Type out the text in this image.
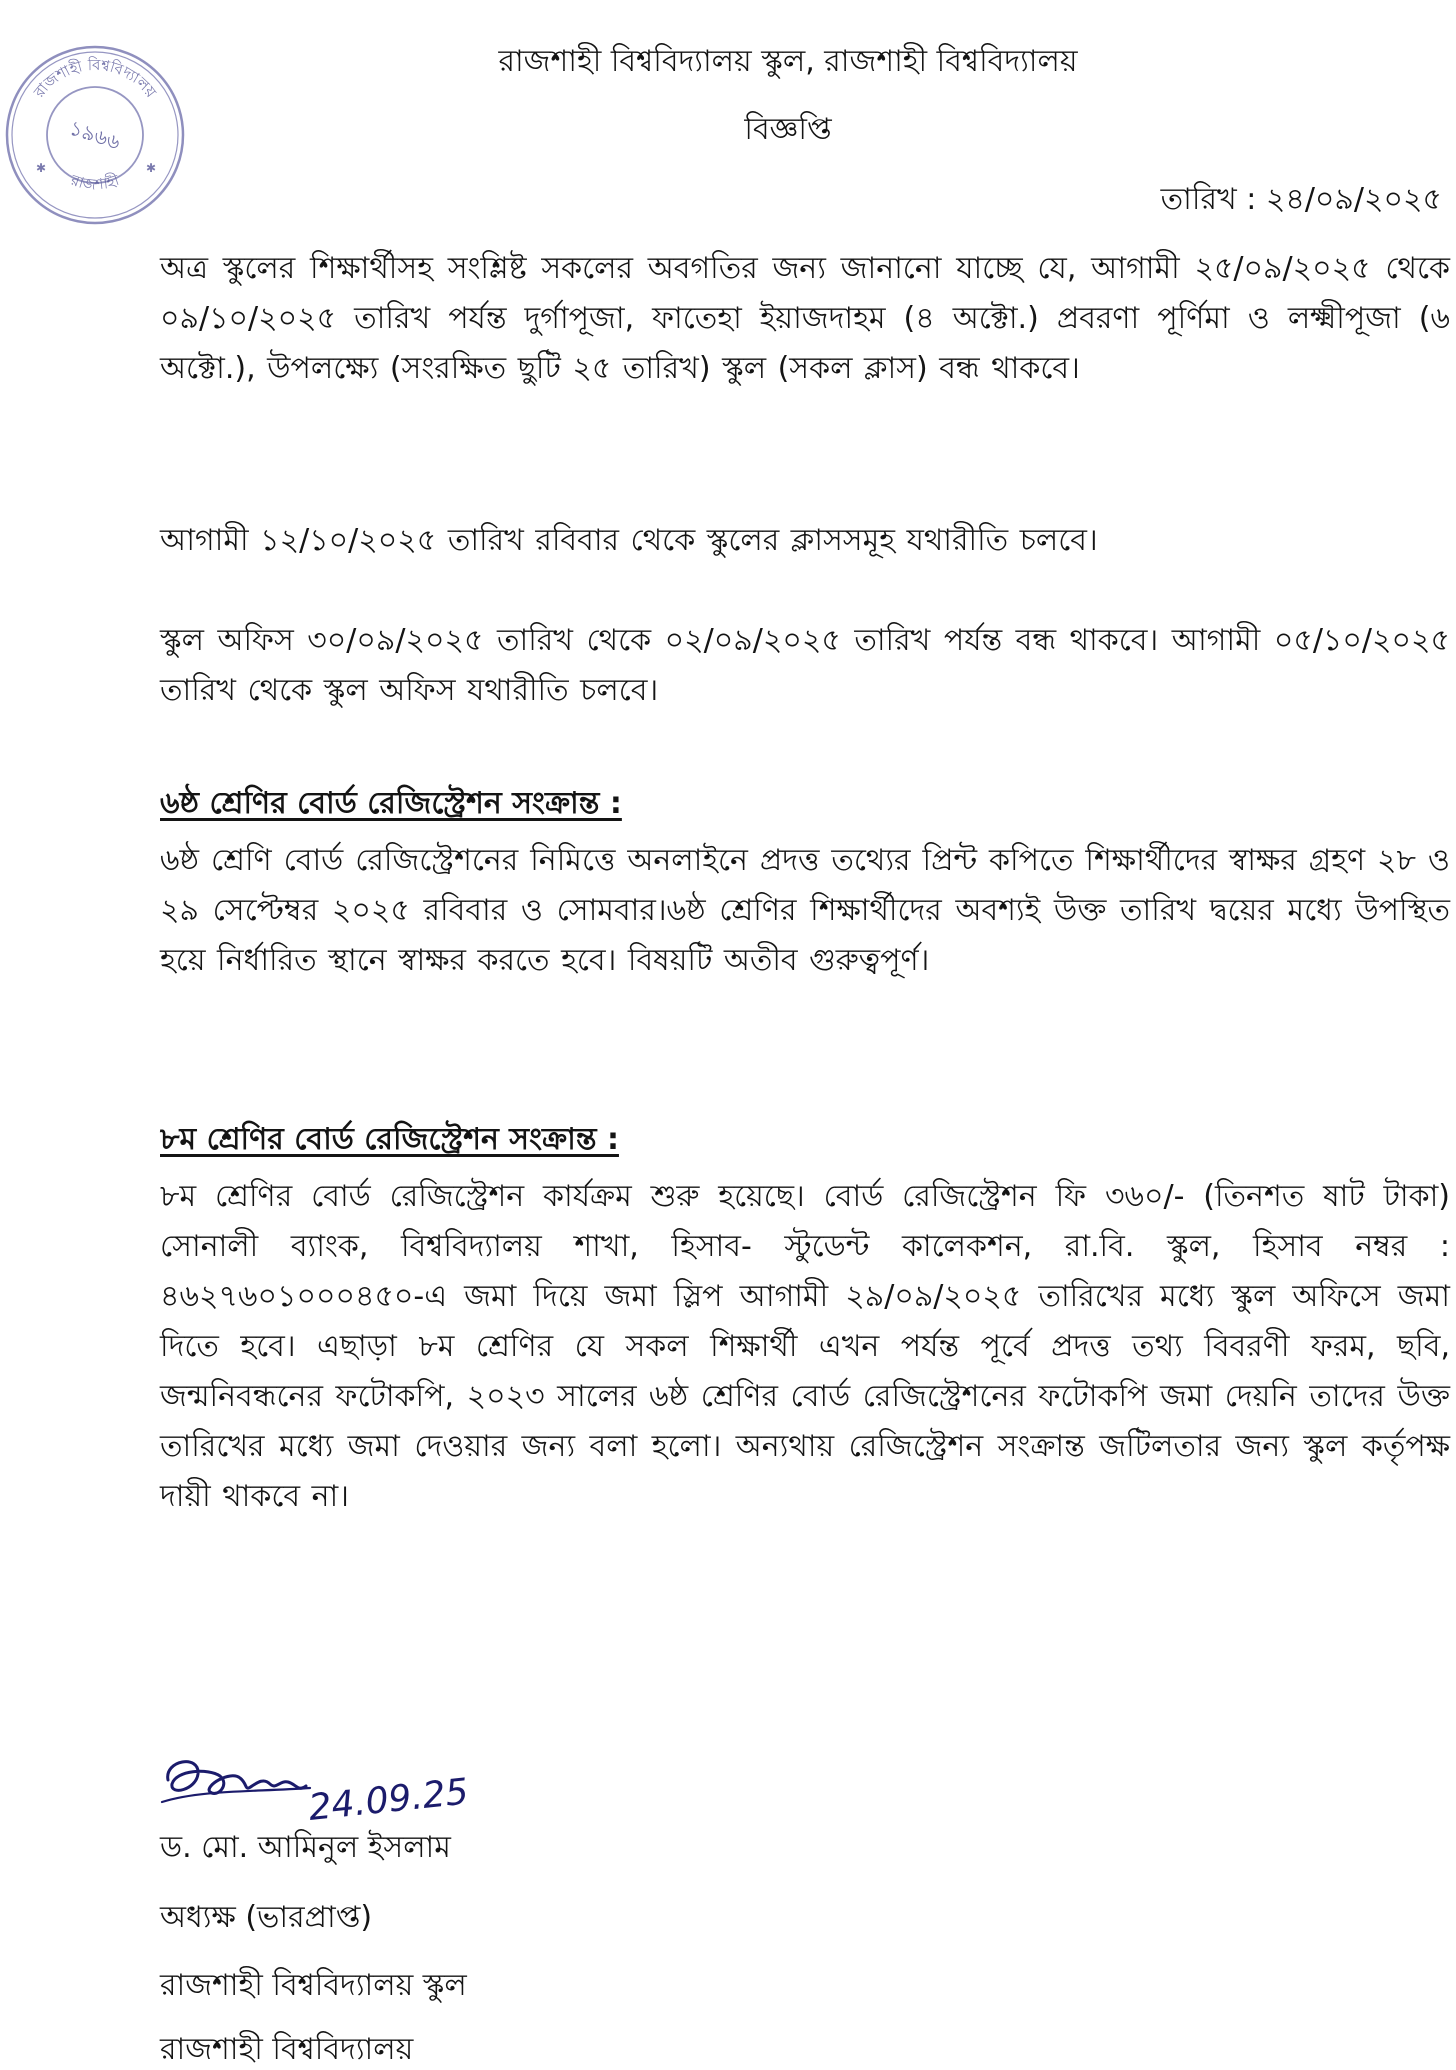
রাজশাহী বিশ্ববিদ্যালয়
রাজশাহী
১৯৬৬
✱	✱
রাজশাহী বিশ্ববিদ্যালয় স্কুল, রাজশাহী বিশ্ববিদ্যালয়
বিজ্ঞপ্তি
তারিখ : ২৪/০৯/২০২৫

অত্র স্কুলের শিক্ষার্থীসহ সংশ্লিষ্ট সকলের অবগতির জন্য জানানো যাচ্ছে যে, আগামী ২৫/০৯/২০২৫ থেকে ০৯/১০/২০২৫ তারিখ পর্যন্ত দুর্গাপূজা, ফাতেহা ইয়াজদাহম (৪ অক্টো.) প্রবরণা পূর্ণিমা ও লক্ষ্মীপূজা (৬ অক্টো.), উপলক্ষ্যে (সংরক্ষিত ছুটি ২৫ তারিখ) স্কুল (সকল ক্লাস) বন্ধ থাকবে।

আগামী ১২/১০/২০২৫ তারিখ রবিবার থেকে স্কুলের ক্লাসসমূহ যথারীতি চলবে।

স্কুল অফিস ৩০/০৯/২০২৫ তারিখ থেকে ০২/০৯/২০২৫ তারিখ পর্যন্ত বন্ধ থাকবে। আগামী ০৫/১০/২০২৫ তারিখ থেকে স্কুল অফিস যথারীতি চলবে।

৬ষ্ঠ শ্রেণির বোর্ড রেজিস্ট্রেশন সংক্রান্ত :

৬ষ্ঠ শ্রেণি বোর্ড রেজিস্ট্রেশনের নিমিত্তে অনলাইনে প্রদত্ত তথ্যের প্রিন্ট কপিতে শিক্ষার্থীদের স্বাক্ষর গ্রহণ ২৮ ও ২৯ সেপ্টেম্বর ২০২৫ রবিবার ও সোমবার।৬ষ্ঠ শ্রেণির শিক্ষার্থীদের অবশ্যই উক্ত তারিখ দ্বয়ের মধ্যে উপস্থিত হয়ে নির্ধারিত স্থানে স্বাক্ষর করতে হবে। বিষয়টি অতীব গুরুত্বপূর্ণ।

৮ম শ্রেণির বোর্ড রেজিস্ট্রেশন সংক্রান্ত :

৮ম শ্রেণির বোর্ড রেজিস্ট্রেশন কার্যক্রম শুরু হয়েছে। বোর্ড রেজিস্ট্রেশন ফি ৩৬০/- (তিনশত ষাট টাকা) সোনালী ব্যাংক, বিশ্ববিদ্যালয় শাখা, হিসাব- স্টুডেন্ট কালেকশন, রা.বি. স্কুল, হিসাব নম্বর : ৪৬২৭৬০১০০০৪৫০-এ জমা দিয়ে জমা স্লিপ আগামী ২৯/০৯/২০২৫ তারিখের মধ্যে স্কুল অফিসে জমা দিতে হবে। এছাড়া ৮ম শ্রেণির যে সকল শিক্ষার্থী এখন পর্যন্ত পূর্বে প্রদত্ত তথ্য বিবরণী ফরম, ছবি, জন্মনিবন্ধনের ফটোকপি, ২০২৩ সালের ৬ষ্ঠ শ্রেণির বোর্ড রেজিস্ট্রেশনের ফটোকপি জমা দেয়নি তাদের উক্ত তারিখের মধ্যে জমা দেওয়ার জন্য বলা হলো। অন্যথায় রেজিস্ট্রেশন সংক্রান্ত জটিলতার জন্য স্কুল কর্তৃপক্ষ দায়ী থাকবে না।

24.09.25
ড. মো. আমিনুল ইসলাম
অধ্যক্ষ (ভারপ্রাপ্ত)
রাজশাহী বিশ্ববিদ্যালয় স্কুল
রাজশাহী বিশ্ববিদ্যালয়
